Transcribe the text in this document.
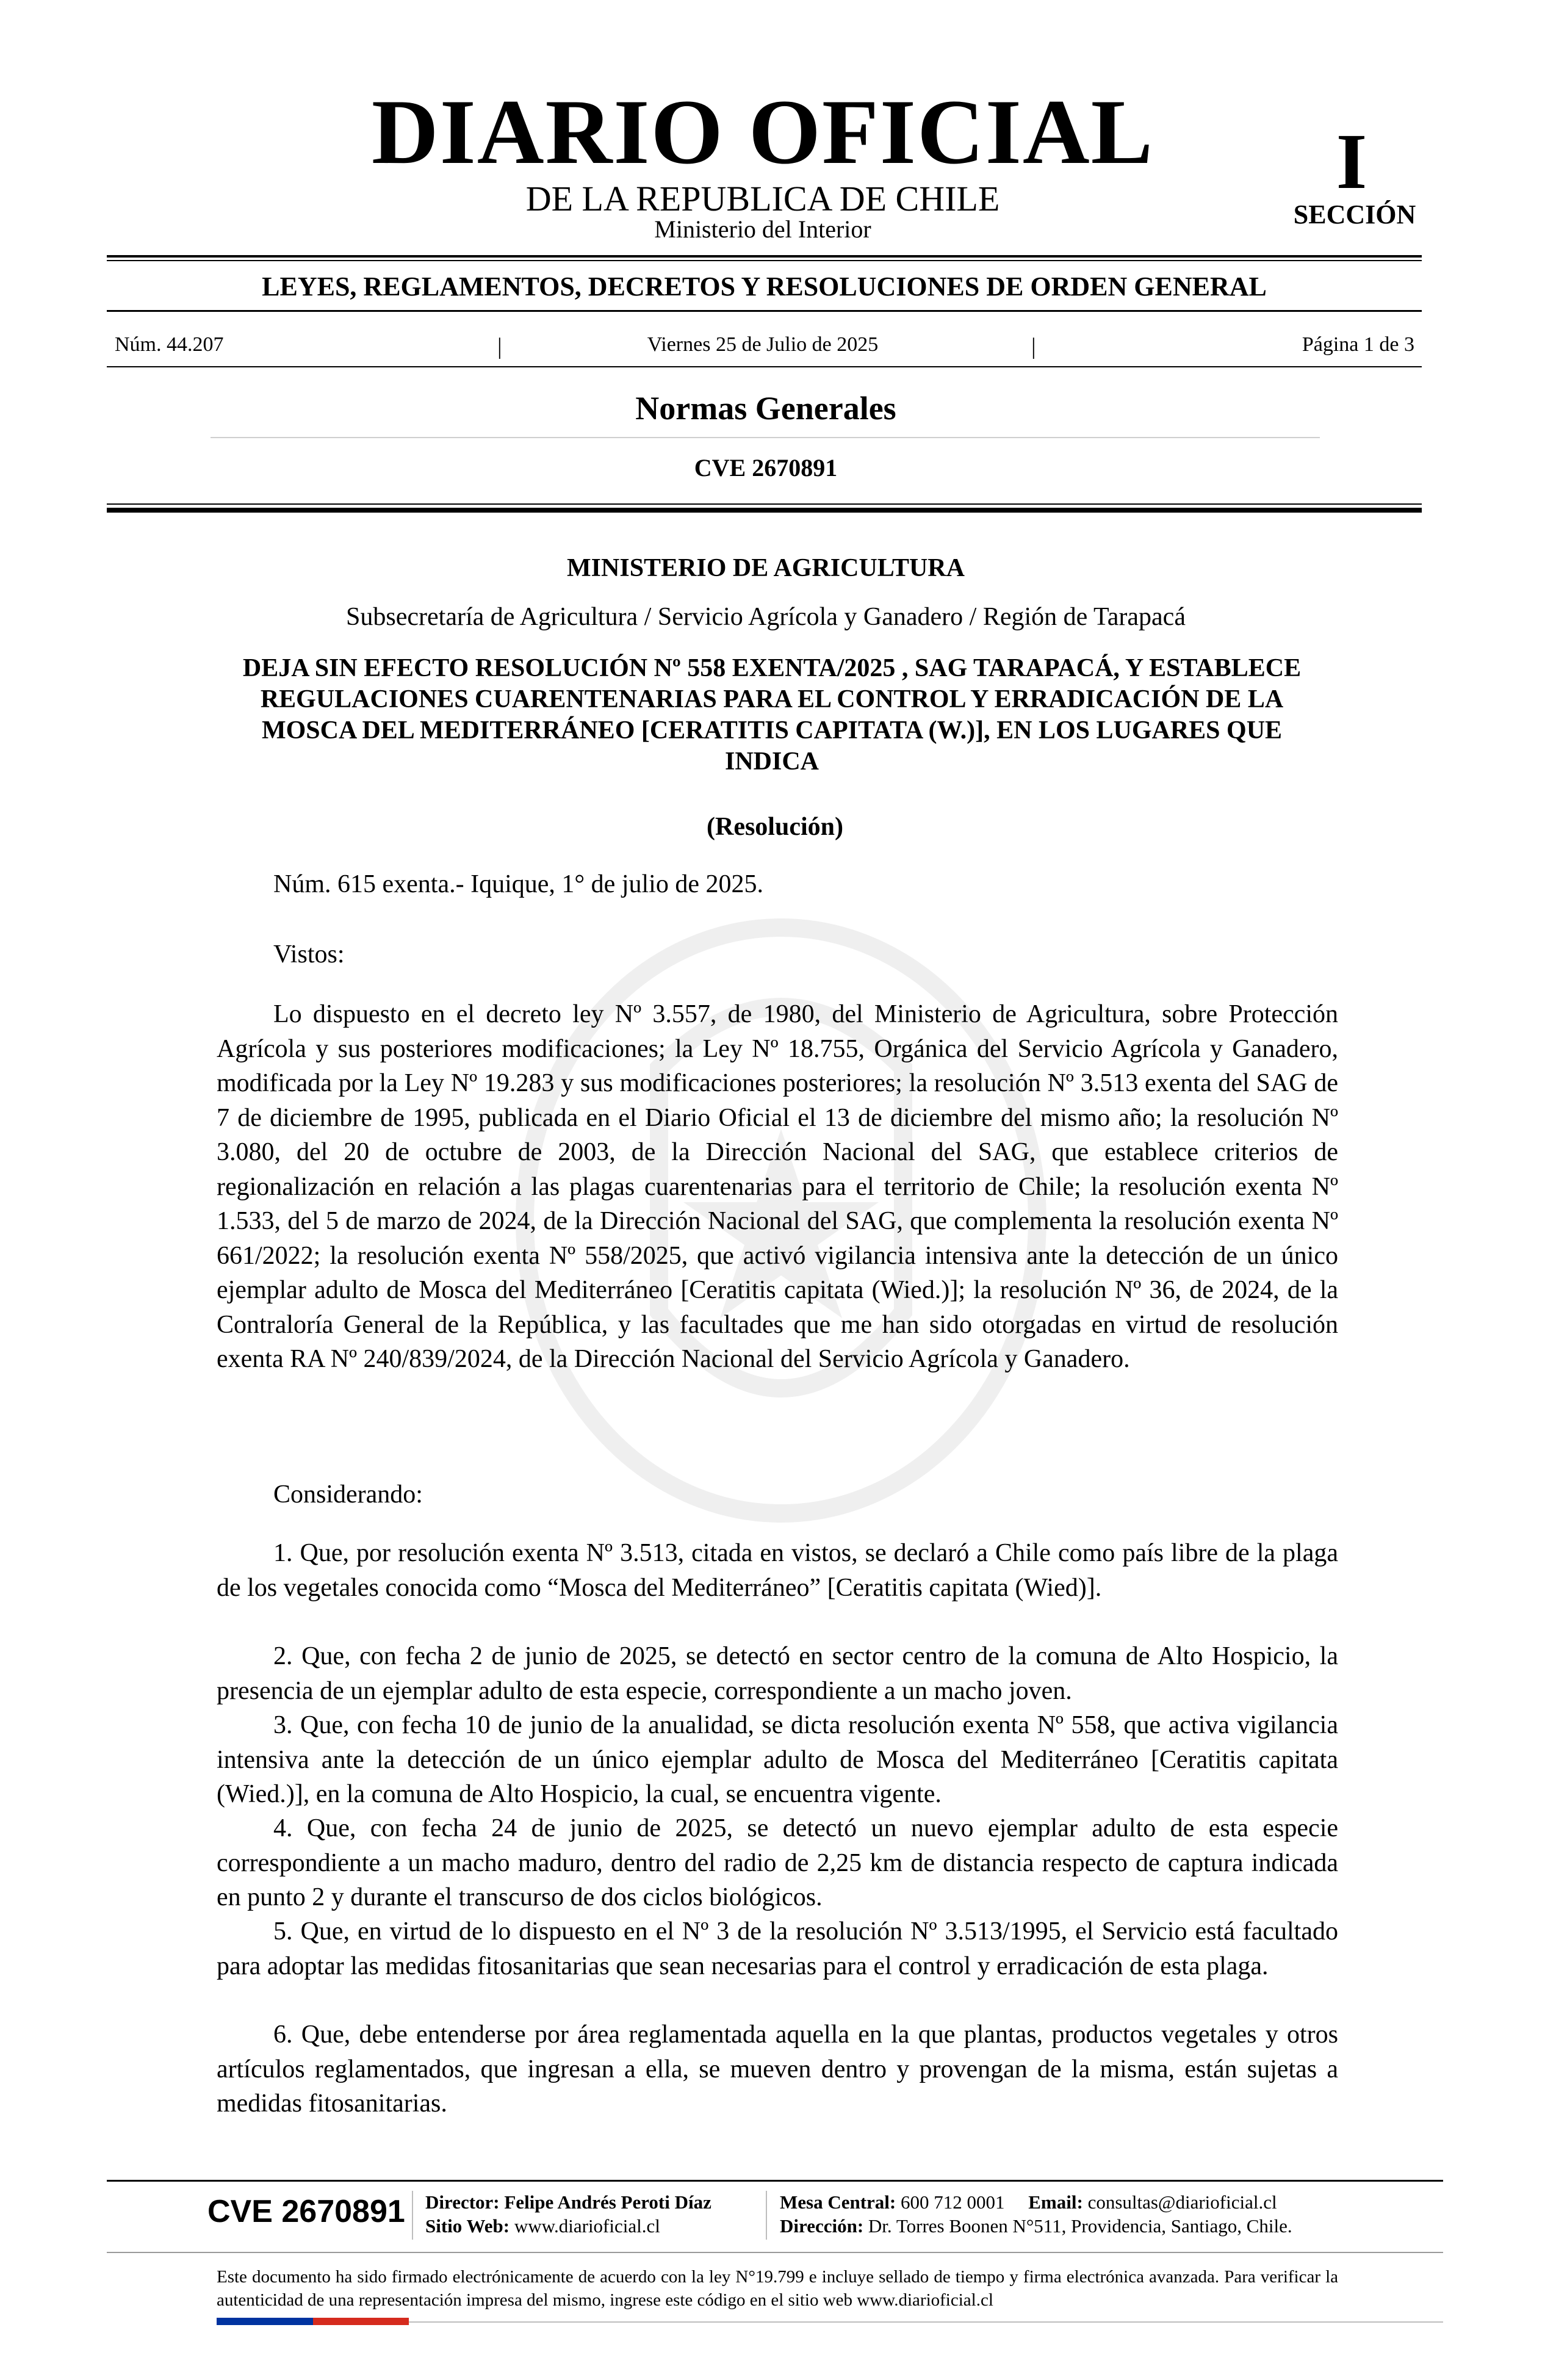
DIARIO OFICIAL
DE LA REPUBLICA DE CHILE
Ministerio del Interior
I
SECCIÓN
LEYES, REGLAMENTOS, DECRETOS Y RESOLUCIONES DE ORDEN GENERAL
Núm. 44.207	|	Viernes 25 de Julio de 2025	|	Página 1 de 3
Normas Generales
CVE 2670891
MINISTERIO DE AGRICULTURA
Subsecretaría de Agricultura / Servicio Agrícola y Ganadero / Región de Tarapacá
DEJA SIN EFECTO RESOLUCIÓN Nº 558 EXENTA/2025 , SAG TARAPACÁ, Y ESTABLECE REGULACIONES CUARENTENARIAS PARA EL CONTROL Y ERRADICACIÓN DE LA MOSCA DEL MEDITERRÁNEO [CERATITIS CAPITATA (W.)], EN LOS LUGARES QUE INDICA
(Resolución)
Núm. 615 exenta.- Iquique, 1° de julio de 2025.
Vistos:
Lo dispuesto en el decreto ley Nº 3.557, de 1980, del Ministerio de Agricultura, sobre Protección Agrícola y sus posteriores modificaciones; la Ley Nº 18.755, Orgánica del Servicio Agrícola y Ganadero, modificada por la Ley Nº 19.283 y sus modificaciones posteriores; la resolución Nº 3.513 exenta del SAG de 7 de diciembre de 1995, publicada en el Diario Oficial el 13 de diciembre del mismo año; la resolución Nº 3.080, del 20 de octubre de 2003, de la Dirección Nacional del SAG, que establece criterios de regionalización en relación a las plagas cuarentenarias para el territorio de Chile; la resolución exenta Nº 1.533, del 5 de marzo de 2024, de la Dirección Nacional del SAG, que complementa la resolución exenta Nº 661/2022; la resolución exenta Nº 558/2025, que activó vigilancia intensiva ante la detección de un único ejemplar adulto de Mosca del Mediterráneo [Ceratitis capitata (Wied.)]; la resolución Nº 36, de 2024, de la Contraloría General de la República, y las facultades que me han sido otorgadas en virtud de resolución exenta RA Nº 240/839/2024, de la Dirección Nacional del Servicio Agrícola y Ganadero.
Considerando:
1. Que, por resolución exenta Nº 3.513, citada en vistos, se declaró a Chile como país libre de la plaga de los vegetales conocida como “Mosca del Mediterráneo” [Ceratitis capitata (Wied)].
2. Que, con fecha 2 de junio de 2025, se detectó en sector centro de la comuna de Alto Hospicio, la presencia de un ejemplar adulto de esta especie, correspondiente a un macho joven.
3. Que, con fecha 10 de junio de la anualidad, se dicta resolución exenta Nº 558, que activa vigilancia intensiva ante la detección de un único ejemplar adulto de Mosca del Mediterráneo [Ceratitis capitata (Wied.)], en la comuna de Alto Hospicio, la cual, se encuentra vigente.
4. Que, con fecha 24 de junio de 2025, se detectó un nuevo ejemplar adulto de esta especie correspondiente a un macho maduro, dentro del radio de 2,25 km de distancia respecto de captura indicada en punto 2 y durante el transcurso de dos ciclos biológicos.
5. Que, en virtud de lo dispuesto en el Nº 3 de la resolución Nº 3.513/1995, el Servicio está facultado para adoptar las medidas fitosanitarias que sean necesarias para el control y erradicación de esta plaga.
6. Que, debe entenderse por área reglamentada aquella en la que plantas, productos vegetales y otros artículos reglamentados, que ingresan a ella, se mueven dentro y provengan de la misma, están sujetas a medidas fitosanitarias.
CVE 2670891 Director: Felipe Andrés Peroti Díaz
Sitio Web: www.diarioficial.cl
Mesa Central: 600 712 0001 Email: consultas@diarioficial.cl
Dirección: Dr. Torres Boonen N°511, Providencia, Santiago, Chile.
Este documento ha sido firmado electrónicamente de acuerdo con la ley N°19.799 e incluye sellado de tiempo y firma electrónica avanzada. Para verificar la autenticidad de una representación impresa del mismo, ingrese este código en el sitio web www.diarioficial.cl
